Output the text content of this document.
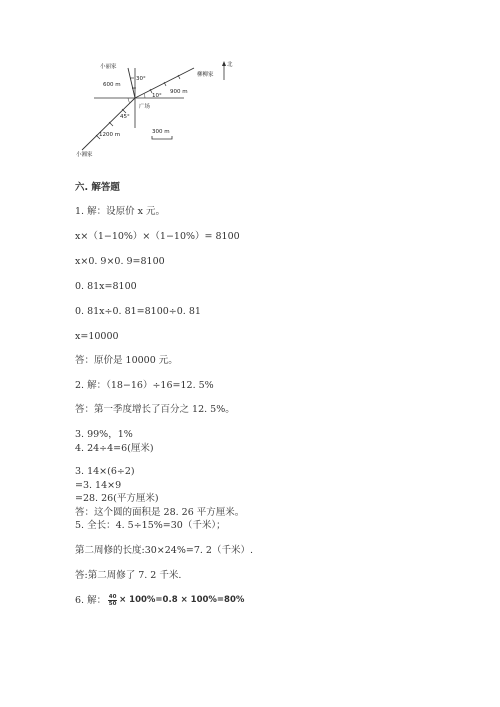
小丽家
柳柳家
小湘家
北
广场
600 m
900 m
1200 m
30°
10°
45°
300 m
六. 解答题
1. 解：设原价 x 元。
x×（1−10%）×（1−10%）= 8100
x×0. 9×0. 9=8100
0. 81x=8100
0. 81x÷0. 81=8100÷0. 81
x=10000
答：原价是 10000 元。
2. 解：（18−16）÷16=12. 5%
答：第一季度增长了百分之 12. 5%。
3. 99%，1%
4. 24÷4=6(厘米)
3. 14×(6÷2)
=3. 14×9
=28. 26(平方厘米)
答：这个圆的面积是 28. 26 平方厘米。
5. 全长：4. 5÷15%=30（千米）；
第二周修的长度:30×24%=7. 2（千米）.
答:第二周修了 7. 2 千米.
6. 解： $\frac{40}{50} \times 100\%=0.8 \times 100\%=80\%$
